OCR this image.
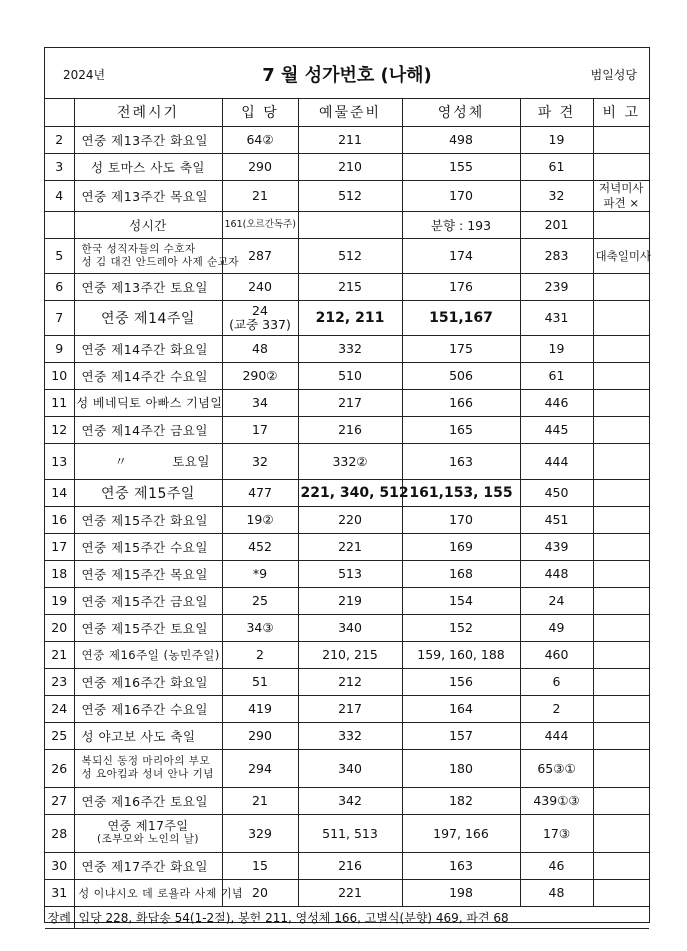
2024년	7 월 성가번호 (나해)	범일성당
	전례시기	입 당	예물준비	영성체	파 견	비 고
2	연중 제13주간 화요일	64②	211	498	19	
3	성 토마스 사도 축일	290	210	155	61	
4	연중 제13주간 목요일	21	512	170	32	저녁미사 파견 ×
	성시간	161(오르간독주)		분향 : 193	201	
5	한국 성직자들의 수호자
성 김 대건 안드레아 사제 순교자	287	512	174	283	대축일미사
6	연중 제13주간 토요일	240	215	176	239	
7	연중 제14주일	24
(교중 337)	212, 211	151,167	431	
9	연중 제14주간 화요일	48	332	175	19	
10	연중 제14주간 수요일	290②	510	506	61	
11	성 베네딕토 아빠스 기념일	34	217	166	446	
12	연중 제14주간 금요일	17	216	165	445	
13	〃          토요일	32	332②	163	444	
14	연중 제15주일	477	221, 340, 512	161,153, 155	450	
16	연중 제15주간 화요일	19②	220	170	451	
17	연중 제15주간 수요일	452	221	169	439	
18	연중 제15주간 목요일	*9	513	168	448	
19	연중 제15주간 금요일	25	219	154	24	
20	연중 제15주간 토요일	34③	340	152	49	
21	연중 제16주일 (농민주일)	2	210, 215	159, 160, 188	460	
23	연중 제16주간 화요일	51	212	156	6	
24	연중 제16주간 수요일	419	217	164	2	
25	성 야고보 사도 축일	290	332	157	444	
26	복되신 동정 마리아의 부모
성 요아킴과 성녀 안나 기념	294	340	180	65③①	
27	연중 제16주간 토요일	21	342	182	439①③	
28	연중 제17주일
(조부모와 노인의 날)	329	511, 513	197, 166	17③	
30	연중 제17주간 화요일	15	216	163	46	
31	성 이냐시오 데 로욜라 사제 기념	20	221	198	48	
장례	입당 228, 화답송 54(1-2절), 봉헌 211, 영성체 166, 고별식(분향) 469, 파견 68					
